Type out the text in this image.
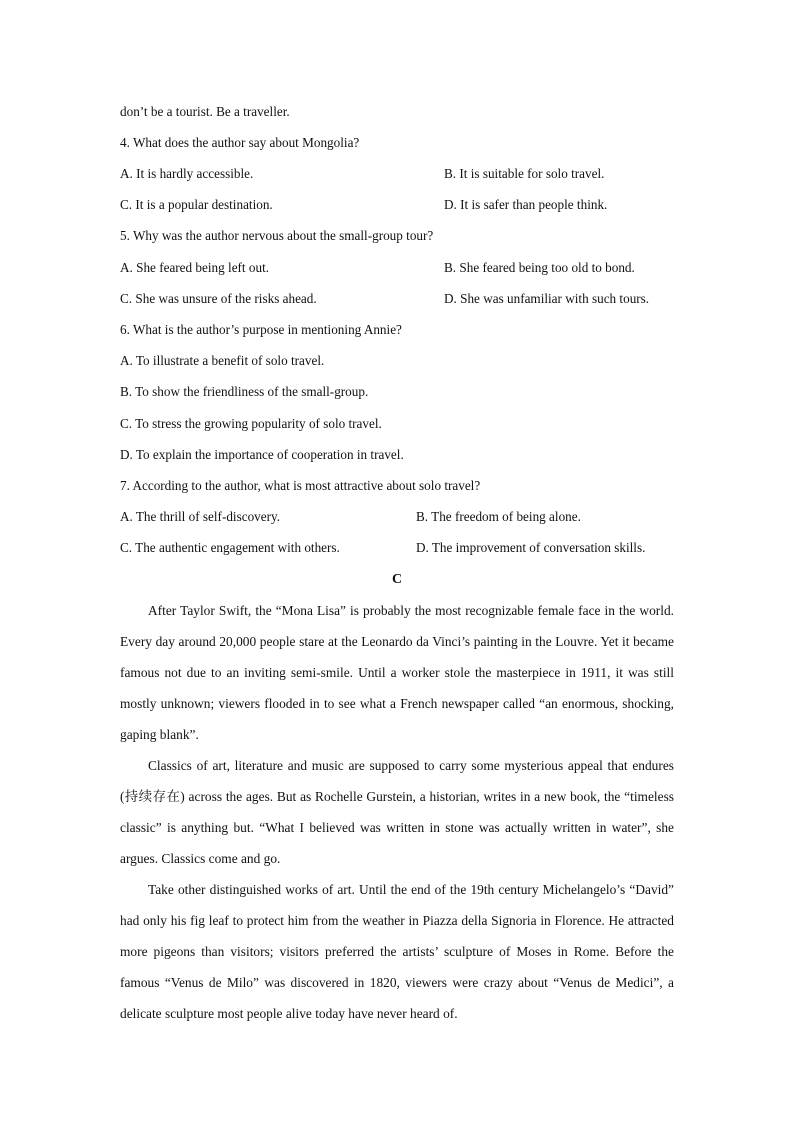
don’t be a tourist. Be a traveller.
4. What does the author say about Mongolia?
A. It is hardly accessible.	B. It is suitable for solo travel.
C. It is a popular destination.	D. It is safer than people think.
5. Why was the author nervous about the small-group tour?
A. She feared being left out.	B. She feared being too old to bond.
C. She was unsure of the risks ahead.	D. She was unfamiliar with such tours.
6. What is the author’s purpose in mentioning Annie?
A. To illustrate a benefit of solo travel.
B. To show the friendliness of the small-group.
C. To stress the growing popularity of solo travel.
D. To explain the importance of cooperation in travel.
7. According to the author, what is most attractive about solo travel?
A. The thrill of self-discovery.	B. The freedom of being alone.
C. The authentic engagement with others.	D. The improvement of conversation skills.
C

After Taylor Swift, the “Mona Lisa” is probably the most recognizable female face in the world. Every day around 20,000 people stare at the Leonardo da Vinci’s painting in the Louvre. Yet it became famous not due to an inviting semi-smile. Until a worker stole the masterpiece in 1911, it was still mostly unknown; viewers flooded in to see what a French newspaper called “an enormous, shocking, gaping blank”.

Classics of art, literature and music are supposed to carry some mysterious appeal that endures (持续存在) across the ages. But as Rochelle Gurstein, a historian, writes in a new book, the “timeless classic” is anything but. “What I believed was written in stone was actually written in water”, she argues. Classics come and go.

Take other distinguished works of art. Until the end of the 19th century Michelangelo’s “David” had only his fig leaf to protect him from the weather in Piazza della Signoria in Florence. He attracted more pigeons than visitors; visitors preferred the artists’ sculpture of Moses in Rome. Before the famous “Venus de Milo” was discovered in 1820, viewers were crazy about “Venus de Medici”, a delicate sculpture most people alive today have never heard of.
